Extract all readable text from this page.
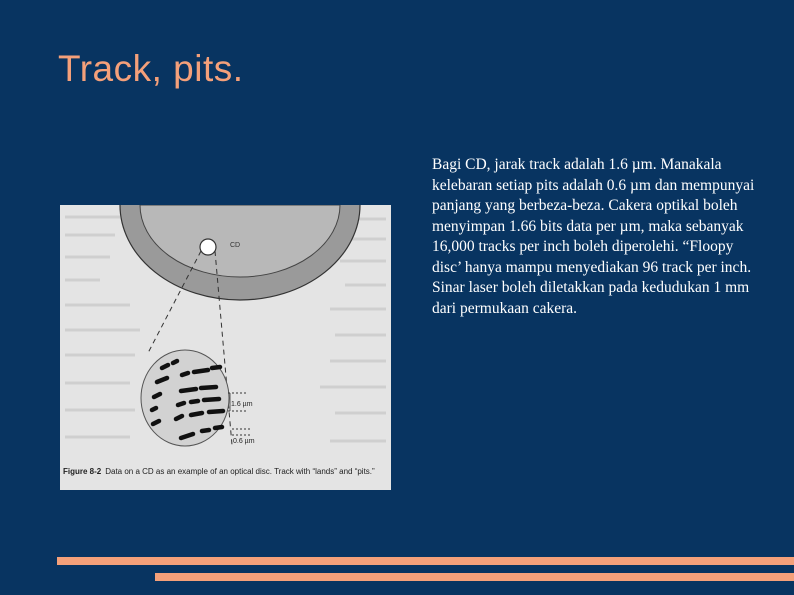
Track, pits.
CD
1.6 µm
0.6 µm
Figure 8-2 Data on a CD as an example of an optical disc. Track with “lands” and “pits.”

Bagi CD, jarak track adalah 1.6 µm. Manakala kelebaran setiap pits adalah 0.6 µm dan mempunyai panjang yang berbeza-beza. Cakera optikal boleh menyimpan 1.66 bits data per µm, maka sebanyak 16,000 tracks per inch boleh diperolehi. “Floopy disc’ hanya mampu menyediakan 96 track per inch.

Sinar laser boleh diletakkan pada kedudukan 1 mm dari permukaan cakera.
